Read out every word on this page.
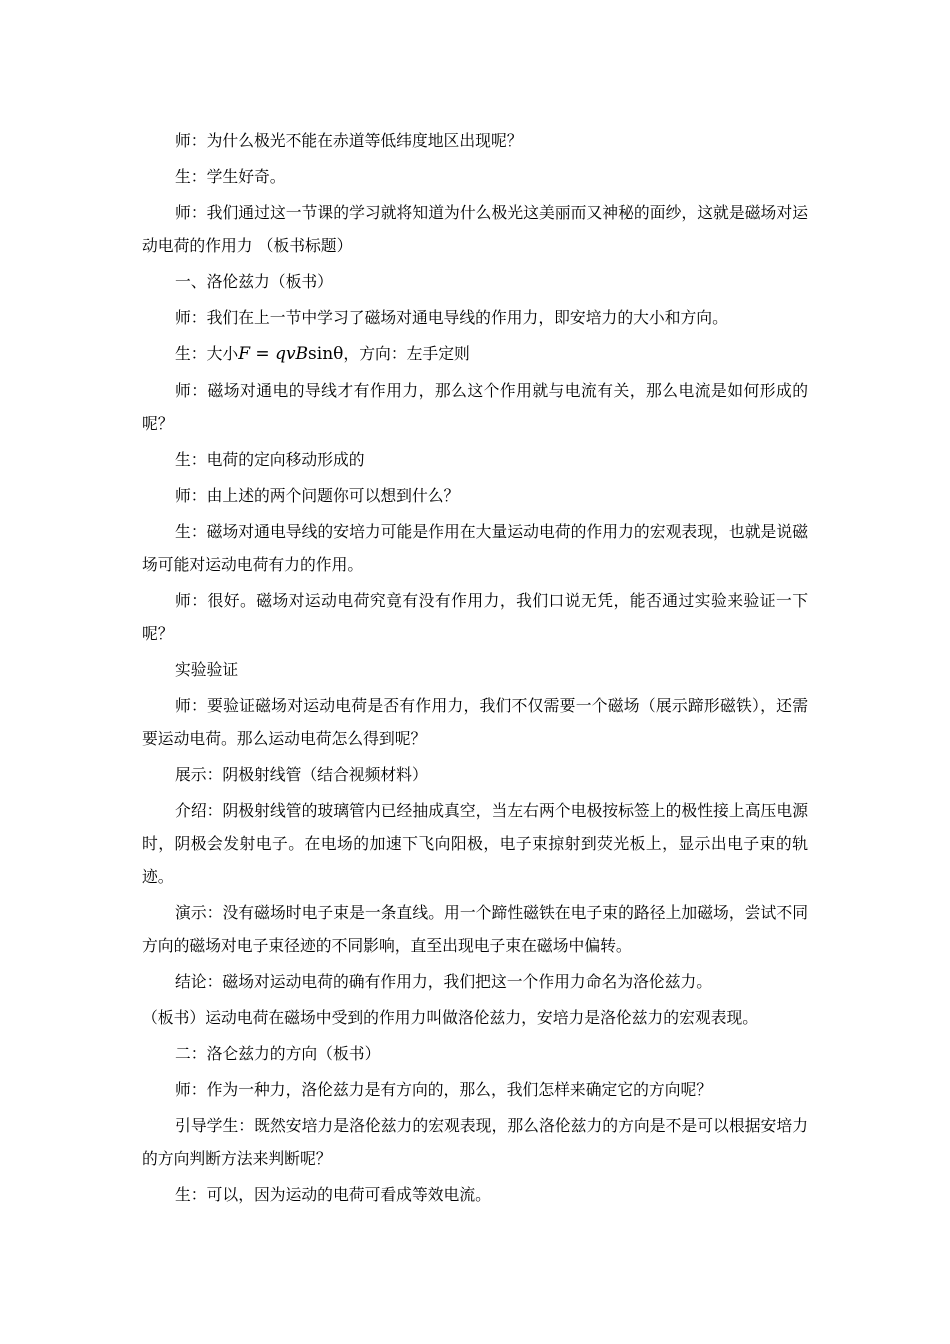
师：为什么极光不能在赤道等低纬度地区出现呢？

生：学生好奇。

师：我们通过这一节课的学习就将知道为什么极光这美丽而又神秘的面纱，这就是磁场对运动电荷的作用力 （板书标题）

一、洛伦兹力（板书）

师：我们在上一节中学习了磁场对通电导线的作用力，即安培力的大小和方向。

生：大小F = qvBsinθ，方向：左手定则

师：磁场对通电的导线才有作用力，那么这个作用就与电流有关，那么电流是如何形成的呢？

生：电荷的定向移动形成的

师：由上述的两个问题你可以想到什么？

生：磁场对通电导线的安培力可能是作用在大量运动电荷的作用力的宏观表现，也就是说磁场可能对运动电荷有力的作用。

师：很好。磁场对运动电荷究竟有没有作用力，我们口说无凭，能否通过实验来验证一下呢？

实验验证

师：要验证磁场对运动电荷是否有作用力，我们不仅需要一个磁场（展示蹄形磁铁），还需要运动电荷。那么运动电荷怎么得到呢？

展示：阴极射线管（结合视频材料）

介绍：阴极射线管的玻璃管内已经抽成真空，当左右两个电极按标签上的极性接上高压电源时，阴极会发射电子。在电场的加速下飞向阳极，电子束掠射到荧光板上，显示出电子束的轨迹。

演示：没有磁场时电子束是一条直线。用一个蹄性磁铁在电子束的路径上加磁场，尝试不同方向的磁场对电子束径迹的不同影响，直至出现电子束在磁场中偏转。

结论：磁场对运动电荷的确有作用力，我们把这一个作用力命名为洛伦兹力。

（板书）运动电荷在磁场中受到的作用力叫做洛伦兹力，安培力是洛伦兹力的宏观表现。

二：洛仑兹力的方向（板书）

师：作为一种力，洛伦兹力是有方向的，那么，我们怎样来确定它的方向呢？

引导学生：既然安培力是洛伦兹力的宏观表现，那么洛伦兹力的方向是不是可以根据安培力的方向判断方法来判断呢？

生：可以，因为运动的电荷可看成等效电流。
